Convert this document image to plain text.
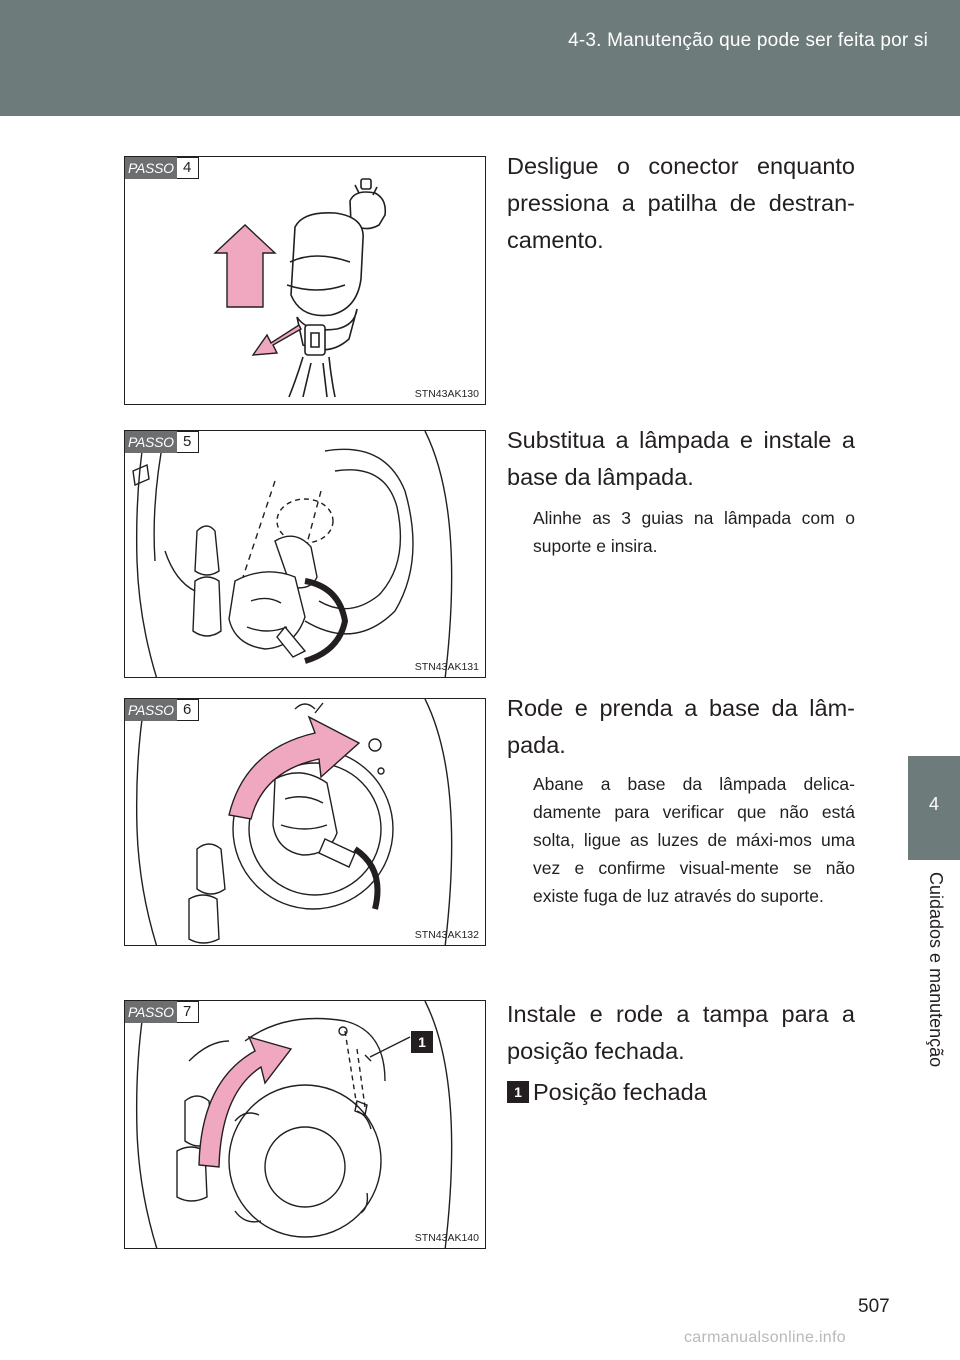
4-3. Manutenção que pode ser feita por si
4
Cuidados e manutenção
PASSO 4
STN43AK130
Desligue o conector enquanto pressiona a patilha de destran-camento.
PASSO 5
STN43AK131
Substitua a lâmpada e instale a base da lâmpada.
Alinhe as 3 guias na lâmpada com o suporte e insira.
PASSO 6
STN43AK132
Rode e prenda a base da lâm-pada.
Abane a base da lâmpada delica-damente para verificar que não está solta, ligue as luzes de máxi-mos uma vez e confirme visual-mente se não existe fuga de luz através do suporte.
PASSO 7
1
STN43AK140
Instale e rode a tampa para a posição fechada.
1 Posição fechada
507
carmanualsonline.info
